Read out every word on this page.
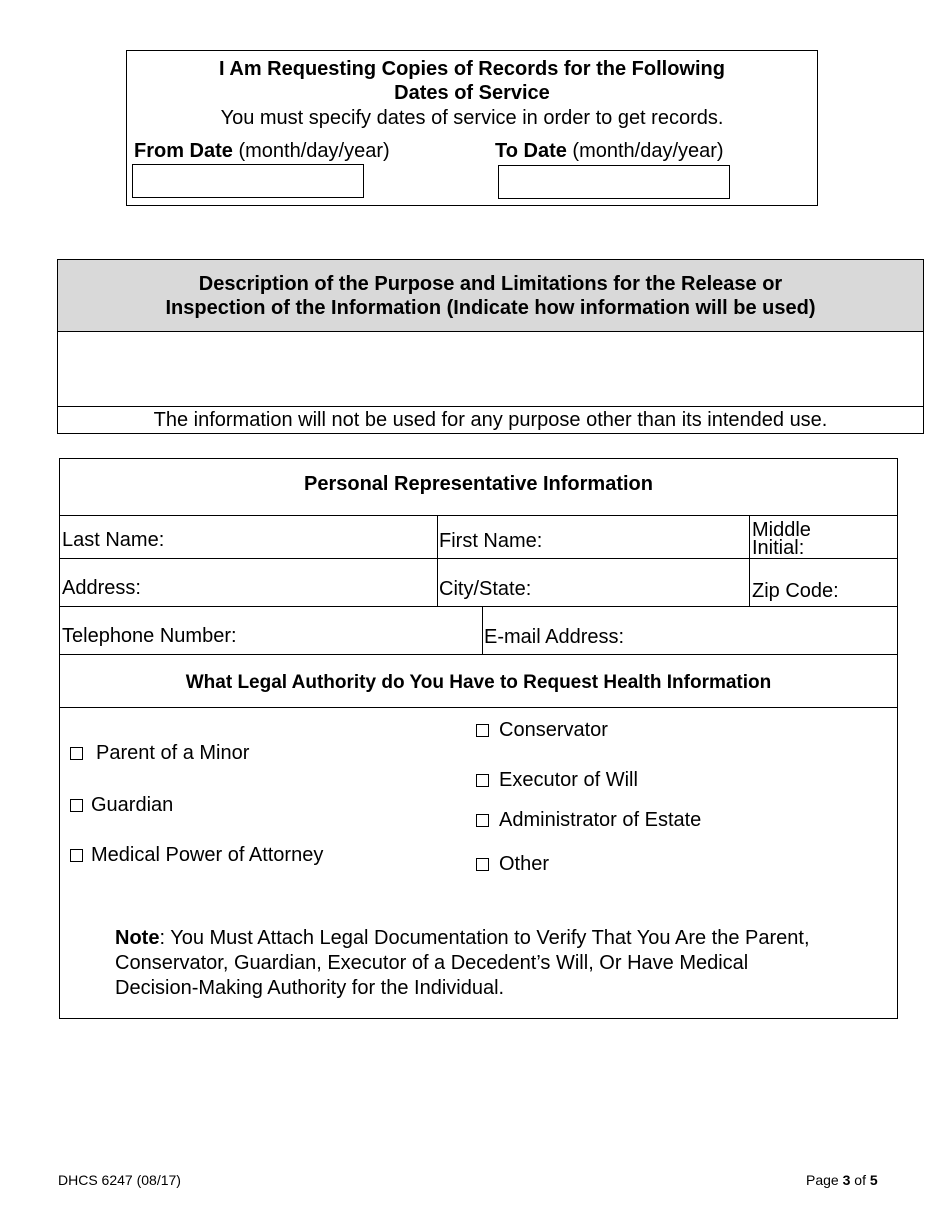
I Am Requesting Copies of Records for the Following
Dates of Service
You must specify dates of service in order to get records.
From Date (month/day/year)	To Date (month/day/year)
Description of the Purpose and Limitations for the Release or
Inspection of the Information (Indicate how information will be used)
The information will not be used for any purpose other than its intended use.
Personal Representative Information
Last Name:	First Name:	Middle
Initial:
Address:	City/State:	Zip Code:
Telephone Number:	E-mail Address:
What Legal Authority do You Have to Request Health Information
Parent of a Minor
Guardian
Medical Power of Attorney
Conservator
Executor of Will
Administrator of Estate
Other
Note: You Must Attach Legal Documentation to Verify That You Are the Parent, Conservator, Guardian, Executor of a Decedent’s Will, Or Have Medical Decision-Making Authority for the Individual.
DHCS 6247 (08/17)	Page 3 of 5
